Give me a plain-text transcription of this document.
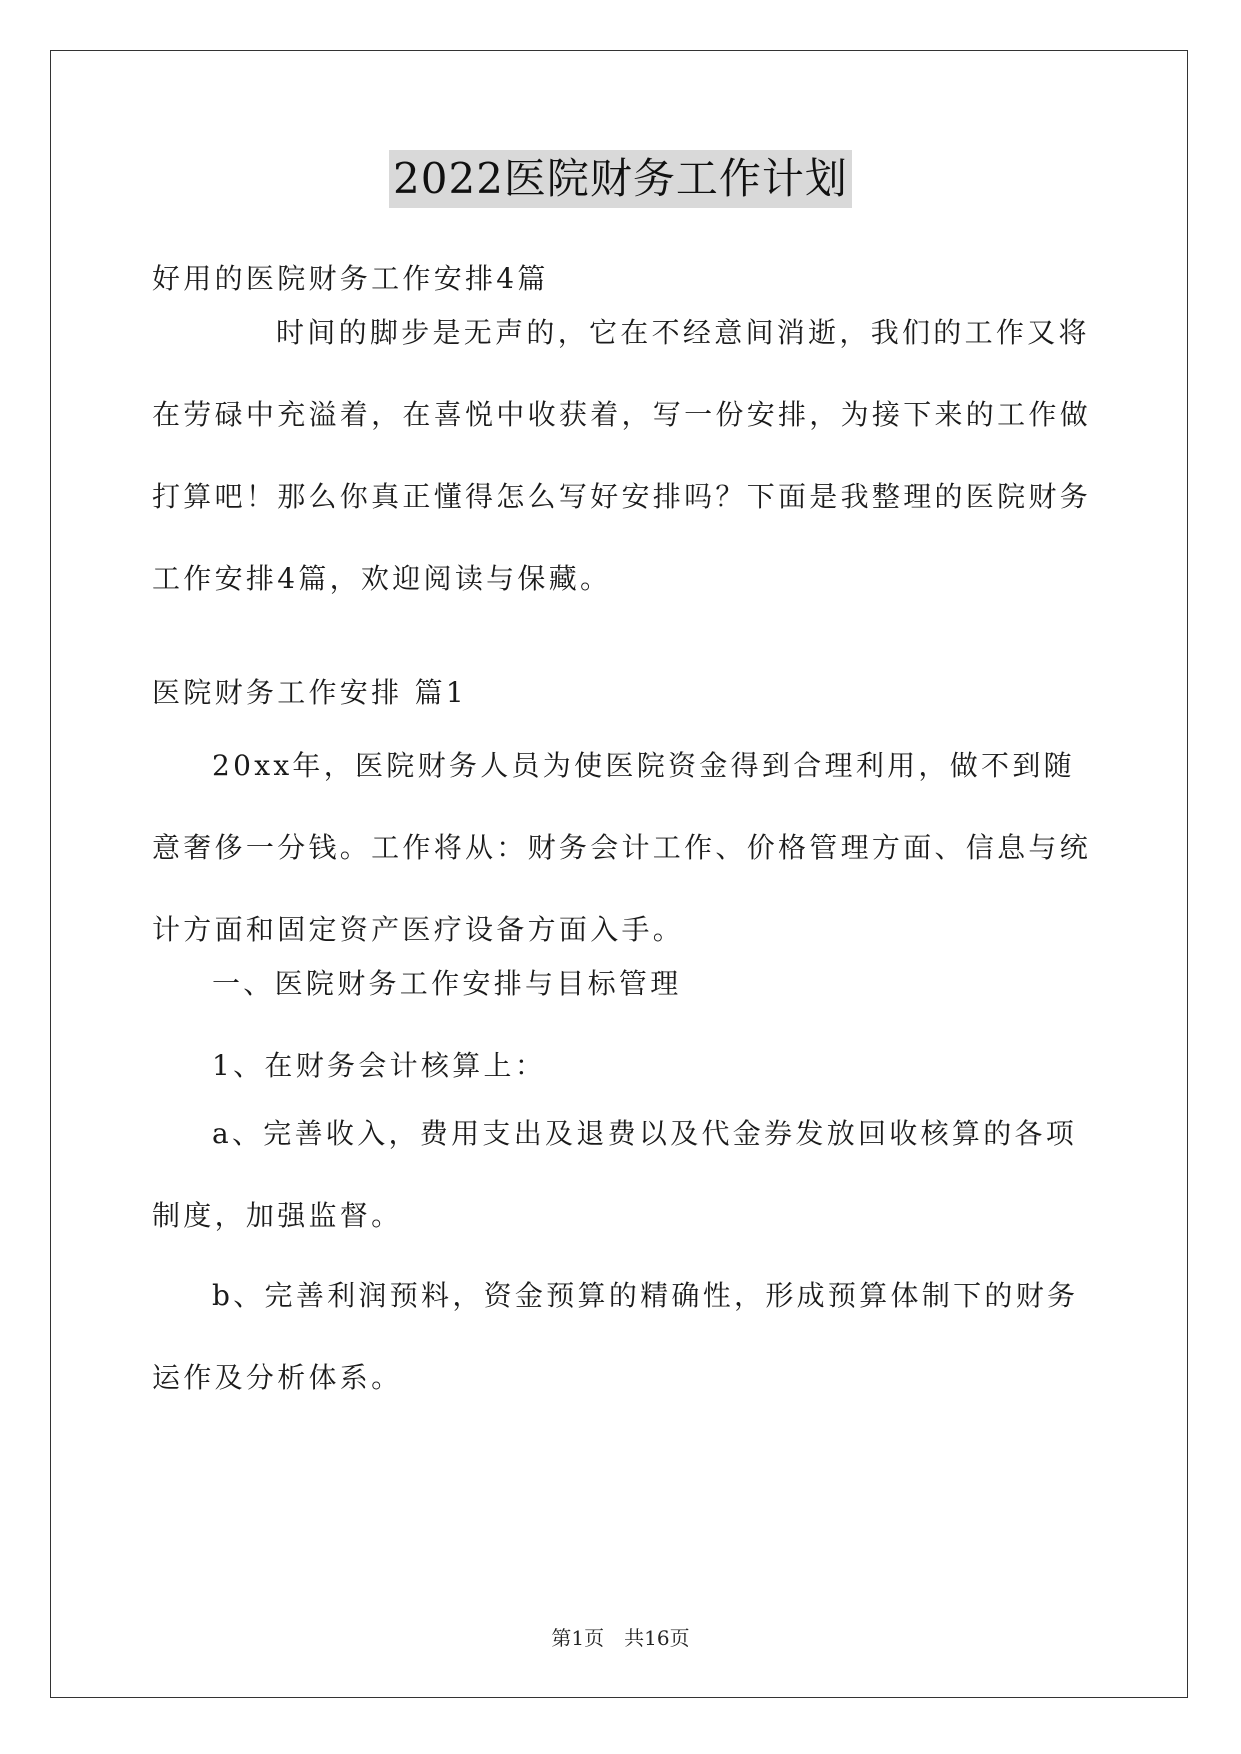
2022医院财务工作计划

好用的医院财务工作安排4篇

时间的脚步是无声的，它在不经意间消逝，我们的工作又将在劳碌中充溢着，在喜悦中收获着，写一份安排，为接下来的工作做打算吧！那么你真正懂得怎么写好安排吗？下面是我整理的医院财务工作安排4篇，欢迎阅读与保藏。

医院财务工作安排 篇1

20xx年，医院财务人员为使医院资金得到合理利用，做不到随意奢侈一分钱。工作将从：财务会计工作、价格管理方面、信息与统计方面和固定资产医疗设备方面入手。

一、医院财务工作安排与目标管理

1、在财务会计核算上：

a、完善收入，费用支出及退费以及代金券发放回收核算的各项制度，加强监督。

b、完善利润预料，资金预算的精确性，形成预算体制下的财务运作及分析体系。

第1页　共16页
